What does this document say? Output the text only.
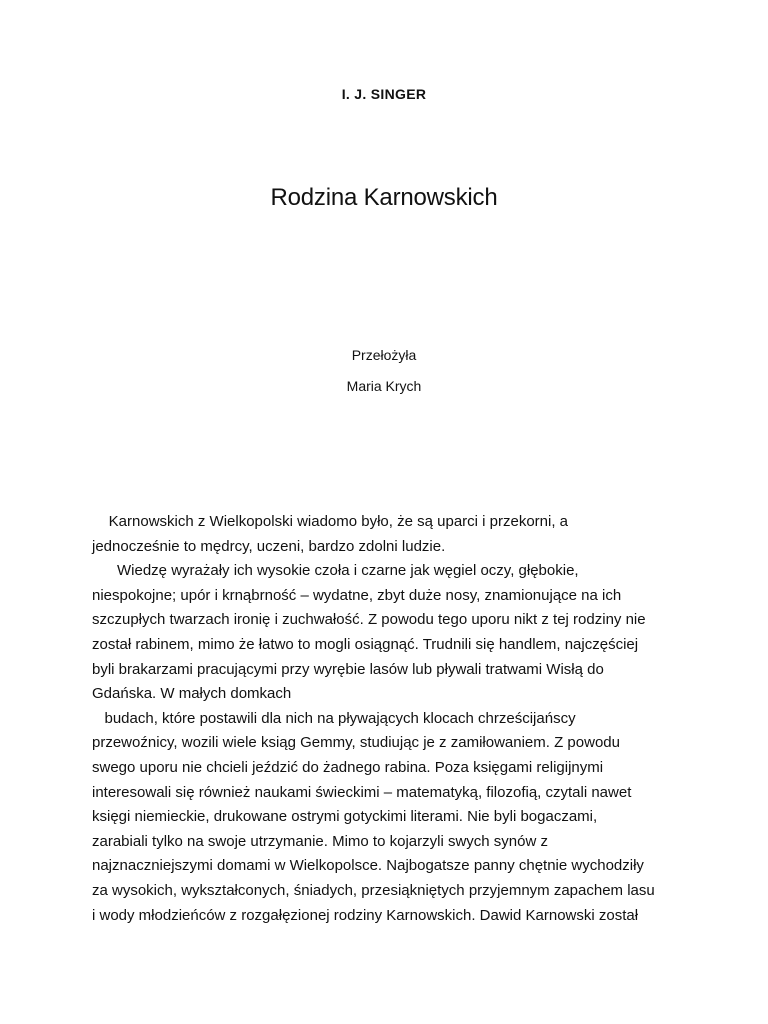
I. J. SINGER
Rodzina Karnowskich
Przełożyła
Maria Krych
Karnowskich z Wielkopolski wiadomo było, że są uparci i przekorni, a
jednocześnie to mędrcy, uczeni, bardzo zdolni ludzie.
Wiedzę wyrażały ich wysokie czoła i czarne jak węgiel oczy, głębokie,
niespokojne; upór i krnąbrność – wydatne, zbyt duże nosy, znamionujące na ich
szczupłych twarzach ironię i zuchwałość. Z powodu tego uporu nikt z tej rodziny nie
został rabinem, mimo że łatwo to mogli osiągnąć. Trudnili się handlem, najczęściej
byli brakarzami pracującymi przy wyrębie lasów lub pływali tratwami Wisłą do
Gdańska. W małych domkach
budach, które postawili dla nich na pływających klocach chrześcijańscy
przewoźnicy, wozili wiele ksiąg Gemmy, studiując je z zamiłowaniem. Z powodu
swego uporu nie chcieli jeździć do żadnego rabina. Poza księgami religijnymi
interesowali się również naukami świeckimi – matematyką, filozofią, czytali nawet
księgi niemieckie, drukowane ostrymi gotyckimi literami. Nie byli bogaczami,
zarabiali tylko na swoje utrzymanie. Mimo to kojarzyli swych synów z
najznaczniejszymi domami w Wielkopolsce. Najbogatsze panny chętnie wychodziły
za wysokich, wykształconych, śniadych, przesiąkniętych przyjemnym zapachem lasu
i wody młodzieńców z rozgałęzionej rodziny Karnowskich. Dawid Karnowski został
